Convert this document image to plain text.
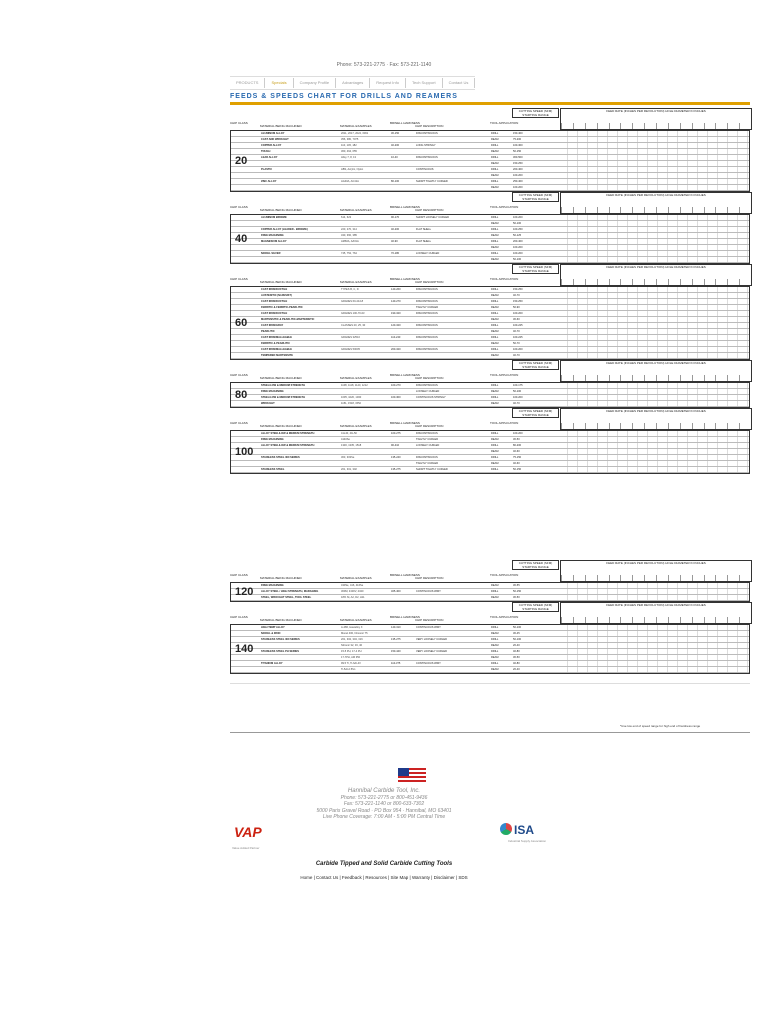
Phone: 573-221-2775 · Fax: 573-221-1140
PRODUCTS	Specials	Company Profile	Advantages	Request Info	Tech Support	Contact Us
FEEDS & SPEEDS CHART FOR DRILLS AND REAMERS
CHIP CLASS
MATERIAL BEING MACHINED	MATERIAL EXAMPLES
BRINELL HARDNESS
CHIP DESCRIPTION
TOOL APPLICATION
CUTTING SPEED (SFM) STARTING RANGE
FEED RATE (INCHES PER REVOLUTION) HOLE DIAMETER IN INCHES
ALUMINUM ALLOY	2011, 2017, 2024, 6061	30-150	DISCONTINUOUS	DRILL	150-400
CAST AND WROUGHT	356, 380, 7075	REAM	75-200
COPPER ALLOY	110, 145, 182	40-200	LONG STRINGY	DRILL	100-300
TOUGH	360, 464, 655	REAM	50-150
LEAD ALLOY	Alloy 7, 8, 13	10-40	DISCONTINUOUS	DRILL	300-500
REAM	150-250
PLASTIC	ABS, Acrylic, Nylon	CONTINUOUS	DRILL	200-400
REAM	100-200
ZINC ALLOY	AG40A, AC41A	80-100	SHORT TIGHTLY CURLED	DRILL	250-400
REAM	100-200
20
CHIP CLASS
MATERIAL BEING MACHINED	MATERIAL EXAMPLES
BRINELL HARDNESS
CHIP DESCRIPTION
TOOL APPLICATION
CUTTING SPEED (SFM) STARTING RANGE
FEED RATE (INCHES PER REVOLUTION) HOLE DIAMETER IN INCHES
ALUMINUM BRONZE	614, 623	90-170	SHORT LOOSELY CURLED	DRILL	100-200
REAM	50-100
COPPER ALLOY (LEADED - BRONZE)	220, 270, 314	40-200	FLAT SHELL	DRILL	100-250
FREE MACHINING	340, 360, 385	REAM	50-125
MAGNESIUM ALLOY	AM60A, AZ31A	40-90	FLAT SHELL	DRILL	200-400
REAM	100-200
NICKEL SILVER	745, 752, 764	70-180	LOOSELY CURLED	DRILL	100-200
REAM	50-100
40
CHIP CLASS
MATERIAL BEING MACHINED	MATERIAL EXAMPLES
BRINELL HARDNESS
CHIP DESCRIPTION
TOOL APPLICATION
CUTTING SPEED (SFM) STARTING RANGE
FEED RATE (INCHES PER REVOLUTION) HOLE DIAMETER IN INCHES
CAST IRON/DUCTILE	TYPES B, C, D	140-260	DISCONTINUOUS	DRILL	150-250
AUSTENITIC (NI-RESIST)	REAM	40-70
CAST IRON/DUCTILE	GRADES 60-40-18	140-270	DISCONTINUOUS	DRILL	150-250
FERRITIC & FERRITIC-PEARLITIC	TIGHTLY CURLED	REAM	50-90
CAST IRON/DUCTILE	GRADES 100-70-03	190-320	DISCONTINUOUS	DRILL	100-200
MARTENSITIC & PEARLITIC-MARTENSITIC	REAM	30-60
CAST IRON/GRAY	CLASSES 20, 25, 30	120-320	DISCONTINUOUS	DRILL	100-225
PEARLITIC	REAM	40-70
CAST IRON/MALLEABLE	GRADES 32510	110-240	DISCONTINUOUS	DRILL	100-225
FERRITIC & PEARLITIC	REAM	50-70
CAST IRON/MALLEABLE	GRADES 50005	200-320	DISCONTINUOUS	DRILL	100-200
TEMPERED MARTENSITE	REAM	40-70
60
CHIP CLASS
MATERIAL BEING MACHINED	MATERIAL EXAMPLES
BRINELL HARDNESS
CHIP DESCRIPTION
TOOL APPLICATION
CUTTING SPEED (SFM) STARTING RANGE
FEED RATE (INCHES PER REVOLUTION) HOLE DIAMETER IN INCHES
STEEL/LOW & MEDIUM STRENGTH	1108, 1118, 1140, 1212	100-270	DISCONTINUOUS	DRILL	100-175
FREE MACHINING	LOOSELY CURLED	REAM	50-100
STEEL/LOW & MEDIUM STRENGTH	1005, 1020, 1030	100-300	CONTINUOUS STRINGY	DRILL	100-200
WROUGHT	1151, 1518, 1552	REAM	40-70
80
CHIP CLASS
MATERIAL BEING MACHINED	MATERIAL EXAMPLES
BRINELL HARDNESS
CHIP DESCRIPTION
TOOL APPLICATION
CUTTING SPEED (SFM) STARTING RANGE
FEED RATE (INCHES PER REVOLUTION) HOLE DIAMETER IN INCHES
ALLOY STEEL/LOW & MEDIUM STRENGTH	41L40, 41L50	100-275	DISCONTINUOUS	DRILL	100-200
FREE MACHINING	4140Se	TIGHTLY CURLED	REAM	30-50
ALLOY STEEL/LOW & MEDIUM STRENGTH	1330, 1335, 1518	90-410	LOOSELY CURLED	DRILL	80-200
REAM	40-60
STAINLESS STEEL 300 SERIES	303, 303Se	135-240	DISCONTINUOUS	DRILL	75-150
TIGHTLY CURLED	REAM	40-60
STAINLESS STEEL	201, 301, 302	135-275	SHORT TIGHTLY CURLED	DRILL	50-150
100
CHIP CLASS
MATERIAL BEING MACHINED	MATERIAL EXAMPLES
BRINELL HARDNESS
CHIP DESCRIPTION
TOOL APPLICATION
CUTTING SPEED (SFM) STARTING RANGE
FEED RATE (INCHES PER REVOLUTION) HOLE DIAMETER IN INCHES
FREE MACHINING	430Se, 416, 416Se	REAM	30-55
ALLOY STEEL / HIGH STRENGTH, MARAGING	300M, 4330V, 4340	325-400	CONTINUOUS WIRY	DRILL	50-150
STEEL, WROUGHT STEEL, TOOL STEEL	18% Ni, A2, D2, H11	REAM	30-50
120
CHIP CLASS
MATERIAL BEING MACHINED	MATERIAL EXAMPLES
BRINELL HARDNESS
CHIP DESCRIPTION
TOOL APPLICATION
CUTTING SPEED (SFM) STARTING RANGE
FEED RATE (INCHES PER REVOLUTION) HOLE DIAMETER IN INCHES
HIGH TEMP ALLOY	A-286, Hastelloy X	140-310	CONTINUOUS WIRY	DRILL	50-100
NICKEL & IRON	Monel 400, Nimonic 75	REAM	30-45
STAINLESS STEEL 300 SERIES	201, 302, 304, 316	135-275	VERY LOOSELY CURLED	DRILL	50-100
Nitronic 32, 33, 40	REAM	20-40
STAINLESS STEEL PH SERIES	15-5 PH, 17-4 PH	150-440	VERY LOOSELY CURLED	DRILL	40-80
17-7PH, AM 350	REAM	30-50
TITANIUM ALLOY	99.5 Ti, Ti-6Al-4V	110-375	CONTINUOUS WIRY	DRILL	40-80
Ti-5Al-2.5Sn	REAM	20-40
140
*Use low end of speed range for high end of hardness range
Hannibal Carbide Tool, Inc.
Phone: 573-221-2775 or 800-451-9436
Fax: 573-221-1140 or 800-633-7302
5000 Paris Gravel Road · PO Box 954 · Hannibal, MO 63401
Live Phone Coverage: 7:00 AM - 5:00 PM Central Time
VAP
Value Added Partner
ISA
Industrial Supply Association
Carbide Tipped and Solid Carbide Cutting Tools
Home | Contact Us | Feedback | Resources | Site Map | Warranty | Disclaimer | SDS
